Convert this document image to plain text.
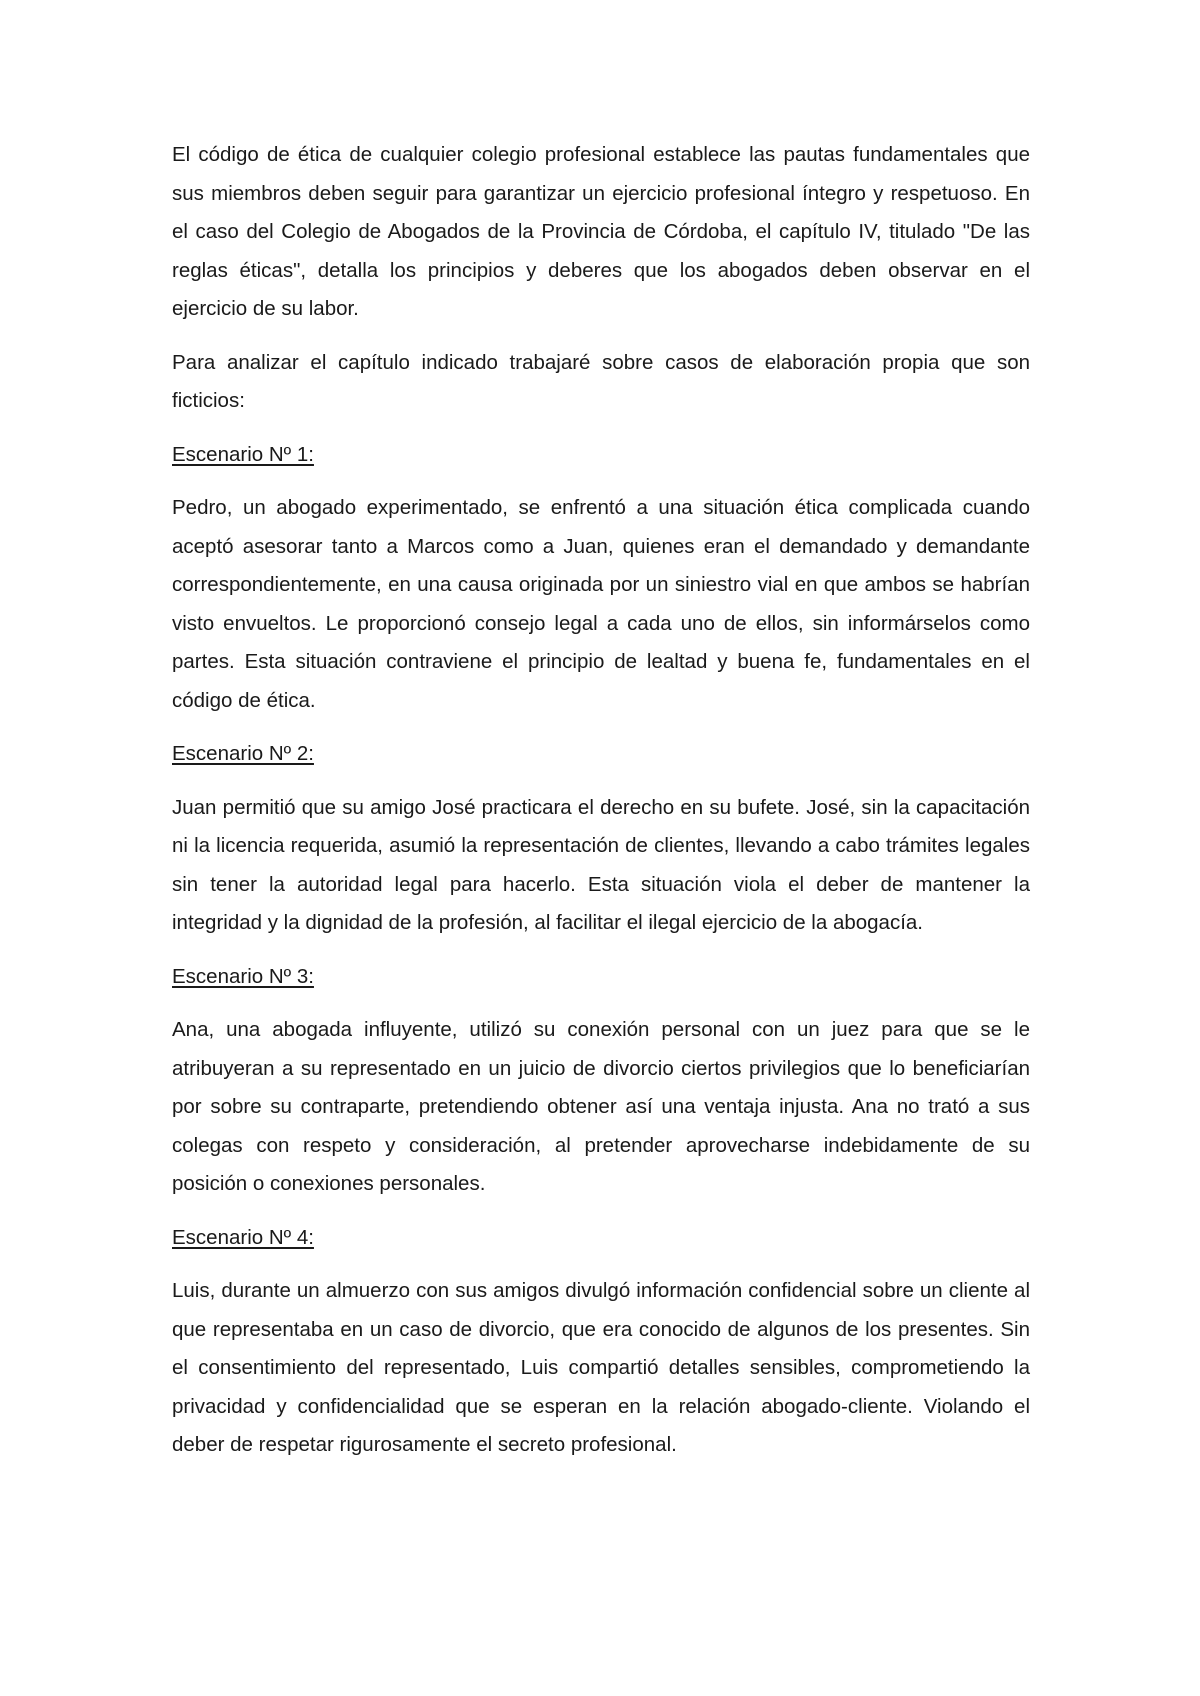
El código de ética de cualquier colegio profesional establece las pautas fundamentales que sus miembros deben seguir para garantizar un ejercicio profesional íntegro y respetuoso. En el caso del Colegio de Abogados de la Provincia de Córdoba, el capítulo IV, titulado "De las reglas éticas", detalla los principios y deberes que los abogados deben observar en el ejercicio de su labor.

Para analizar el capítulo indicado trabajaré sobre casos de elaboración propia que son ficticios:

Escenario Nº 1:

Pedro, un abogado experimentado, se enfrentó a una situación ética complicada cuando aceptó asesorar tanto a Marcos como a Juan, quienes eran el demandado y demandante correspondientemente, en una causa originada por un siniestro vial en que ambos se habrían visto envueltos. Le proporcionó consejo legal a cada uno de ellos, sin informárselos como partes. Esta situación contraviene el principio de lealtad y buena fe, fundamentales en el código de ética.

Escenario Nº 2:

Juan permitió que su amigo José practicara el derecho en su bufete. José, sin la capacitación ni la licencia requerida, asumió la representación de clientes, llevando a cabo trámites legales sin tener la autoridad legal para hacerlo. Esta situación viola el deber de mantener la integridad y la dignidad de la profesión, al facilitar el ilegal ejercicio de la abogacía.

Escenario Nº 3:

Ana, una abogada influyente, utilizó su conexión personal con un juez para que se le atribuyeran a su representado en un juicio de divorcio ciertos privilegios que lo beneficiarían por sobre su contraparte, pretendiendo obtener así una ventaja injusta. Ana no trató a sus colegas con respeto y consideración, al pretender aprovecharse indebidamente de su posición o conexiones personales.

Escenario Nº 4:

Luis, durante un almuerzo con sus amigos divulgó información confidencial sobre un cliente al que representaba en un caso de divorcio, que era conocido de algunos de los presentes. Sin el consentimiento del representado, Luis compartió detalles sensibles, comprometiendo la privacidad y confidencialidad que se esperan en la relación abogado-cliente. Violando el deber de respetar rigurosamente el secreto profesional.
